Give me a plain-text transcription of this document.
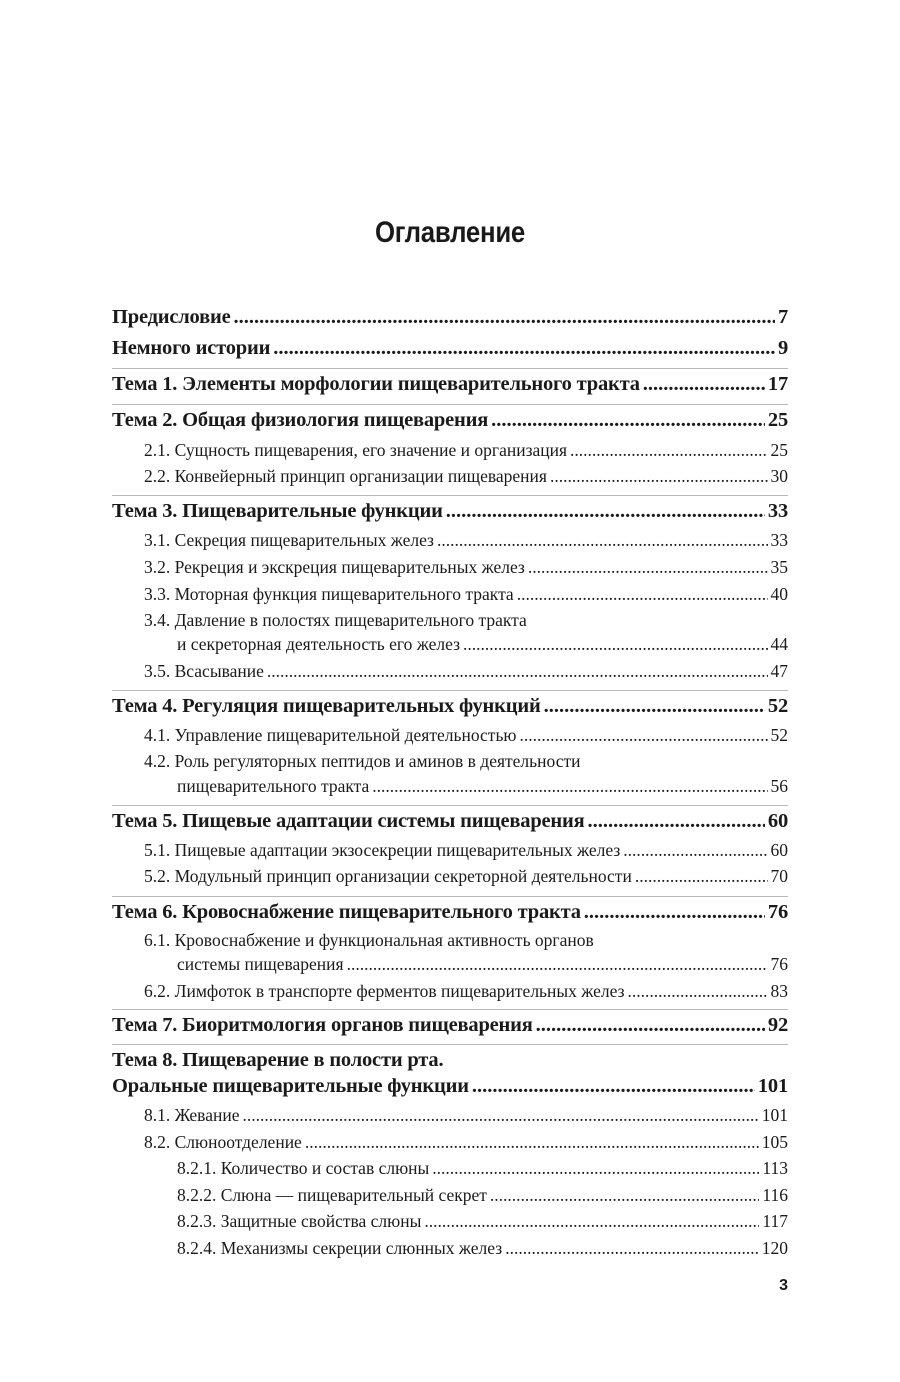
Оглавление
Предисловие .....	7
Немного истории .....	9
Тема 1. Элементы морфологии пищеварительного тракта .....	17
Тема 2. Общая физиология пищеварения .....	25
2.1. Сущность пищеварения, его значение и организация .....	25
2.2. Конвейерный принцип организации пищеварения .....	30
Тема 3. Пищеварительные функции .....	33
3.1. Секреция пищеварительных желез .....	33
3.2. Рекреция и экскреция пищеварительных желез .....	35
3.3. Моторная функция пищеварительного тракта .....	40
3.4. Давление в полостях пищеварительного тракта
и секреторная деятельность его желез .....	44
3.5. Всасывание .....	47
Тема 4. Регуляция пищеварительных функций .....	52
4.1. Управление пищеварительной деятельностью .....	52
4.2. Роль регуляторных пептидов и аминов в деятельности
пищеварительного тракта .....	56
Тема 5. Пищевые адаптации системы пищеварения .....	60
5.1. Пищевые адаптации экзосекреции пищеварительных желез .....	60
5.2. Модульный принцип организации секреторной деятельности .....	70
Тема 6. Кровоснабжение пищеварительного тракта .....	76
6.1. Кровоснабжение и функциональная активность органов
системы пищеварения .....	76
6.2. Лимфоток в транспорте ферментов пищеварительных желез .....	83
Тема 7. Биоритмология органов пищеварения .....	92
Тема 8. Пищеварение в полости рта.
Оральные пищеварительные функции .....	101
8.1. Жевание .....	101
8.2. Слюноотделение .....	105
8.2.1. Количество и состав слюны .....	113
8.2.2. Слюна — пищеварительный секрет .....	116
8.2.3. Защитные свойства слюны .....	117
8.2.4. Механизмы секреции слюнных желез .....	120
3
